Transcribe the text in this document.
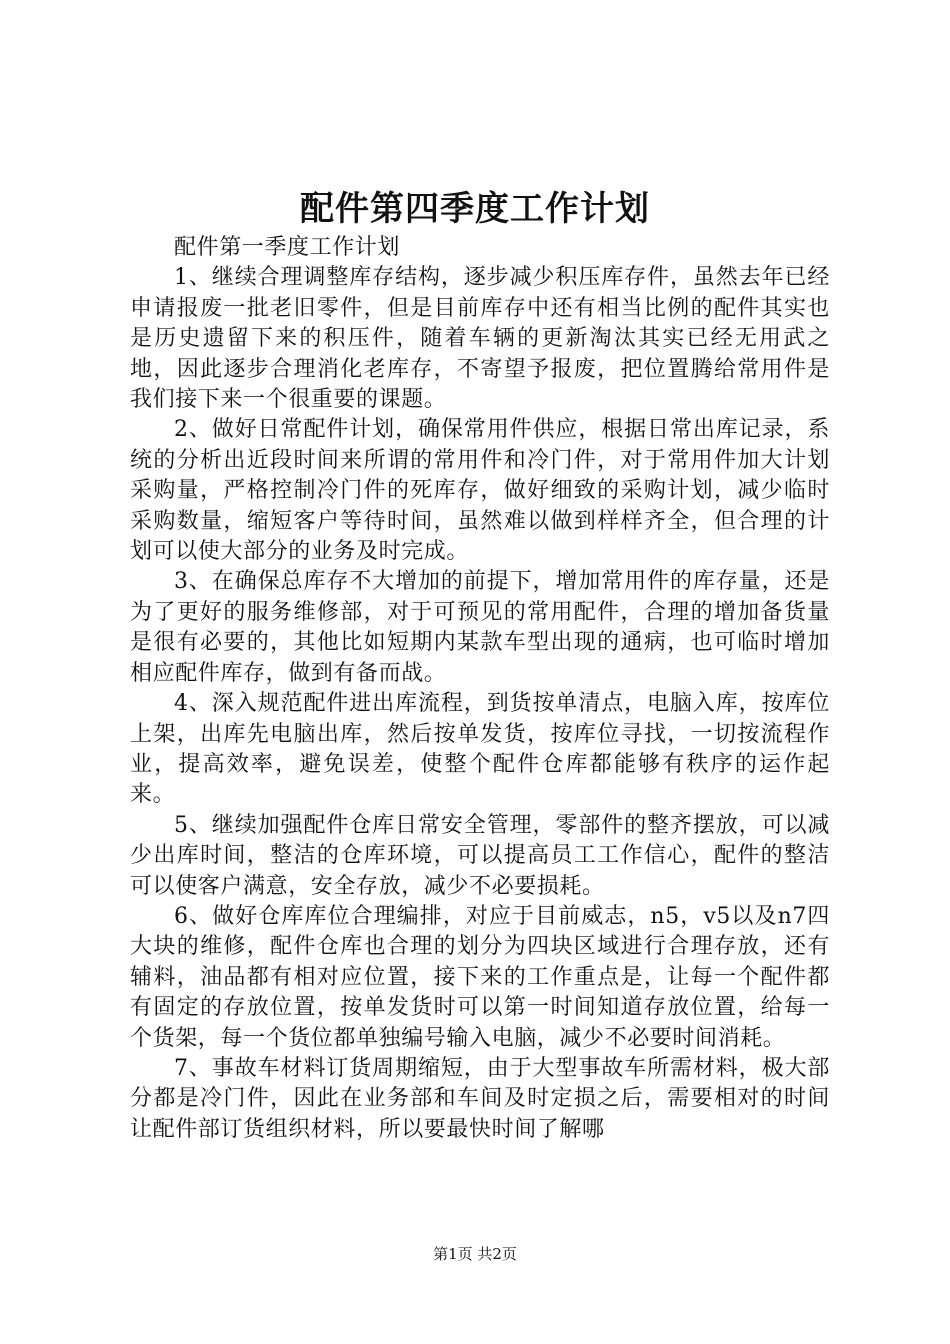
配件第四季度工作计划

配件第一季度工作计划

1、继续合理调整库存结构，逐步减少积压库存件，虽然去年已经申请报废一批老旧零件，但是目前库存中还有相当比例的配件其实也是历史遗留下来的积压件，随着车辆的更新淘汰其实已经无用武之地，因此逐步合理消化老库存，不寄望予报废，把位置腾给常用件是我们接下来一个很重要的课题。

2、做好日常配件计划，确保常用件供应，根据日常出库记录，系统的分析出近段时间来所谓的常用件和冷门件，对于常用件加大计划采购量，严格控制冷门件的死库存，做好细致的采购计划，减少临时采购数量，缩短客户等待时间，虽然难以做到样样齐全，但合理的计划可以使大部分的业务及时完成。

3、在确保总库存不大增加的前提下，增加常用件的库存量，还是为了更好的服务维修部，对于可预见的常用配件，合理的增加备货量是很有必要的，其他比如短期内某款车型出现的通病，也可临时增加相应配件库存，做到有备而战。

4、深入规范配件进出库流程，到货按单清点，电脑入库，按库位上架，出库先电脑出库，然后按单发货，按库位寻找，一切按流程作业，提高效率，避免误差，使整个配件仓库都能够有秩序的运作起来。

5、继续加强配件仓库日常安全管理，零部件的整齐摆放，可以减少出库时间，整洁的仓库环境，可以提高员工工作信心，配件的整洁可以使客户满意，安全存放，减少不必要损耗。

6、做好仓库库位合理编排，对应于目前威志，n5，v5以及n7四大块的维修，配件仓库也合理的划分为四块区域进行合理存放，还有辅料，油品都有相对应位置，接下来的工作重点是，让每一个配件都有固定的存放位置，按单发货时可以第一时间知道存放位置，给每一个货架，每一个货位都单独编号输入电脑，减少不必要时间消耗。

7、事故车材料订货周期缩短，由于大型事故车所需材料，极大部分都是冷门件，因此在业务部和车间及时定损之后，需要相对的时间让配件部订货组织材料，所以要最快时间了解哪

第1页 共2页
